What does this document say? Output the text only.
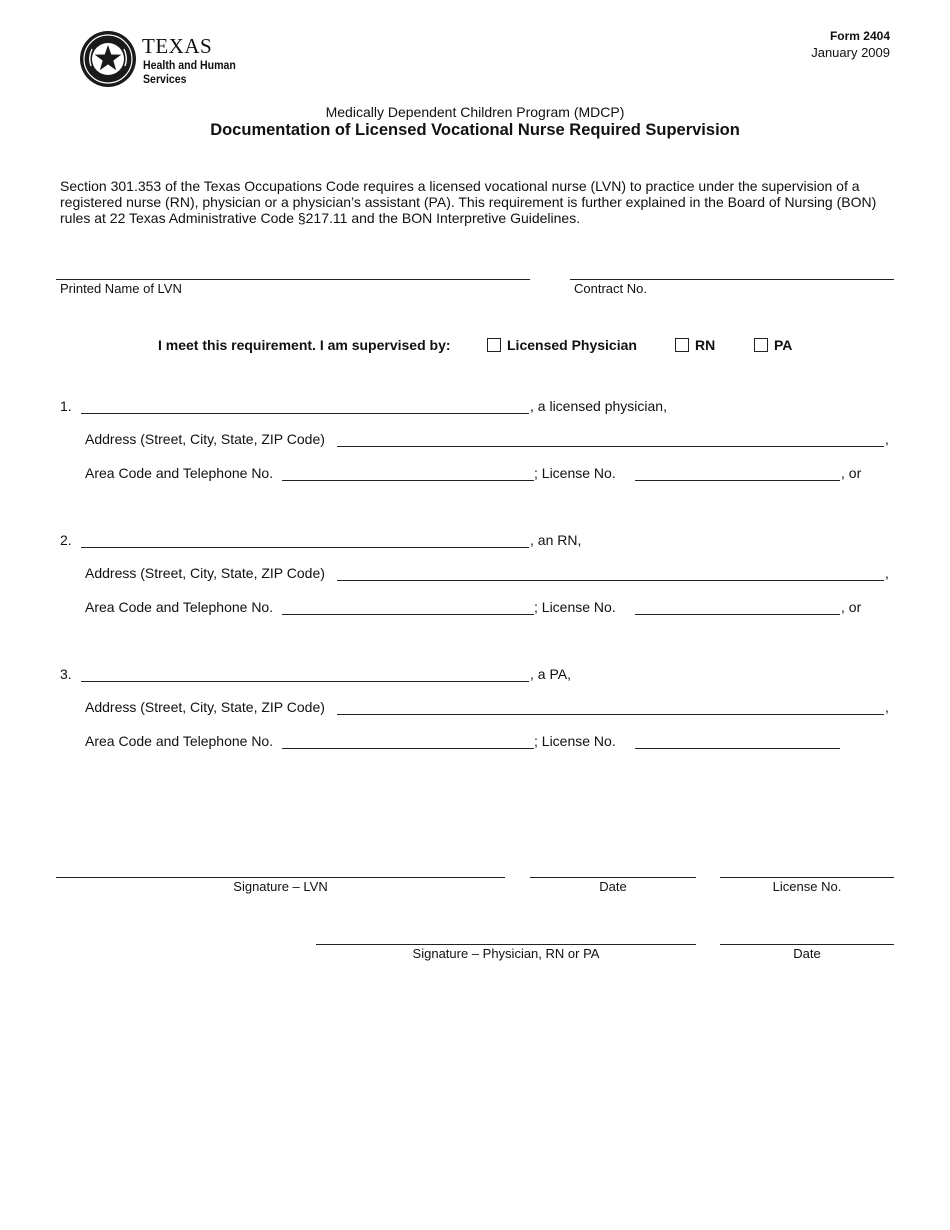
TEXAS
Health and Human
Services
Form 2404
January 2009
Medically Dependent Children Program (MDCP)
Documentation of Licensed Vocational Nurse Required Supervision
Section 301.353 of the Texas Occupations Code requires a licensed vocational nurse (LVN) to practice under the supervision of a registered nurse (RN), physician or a physician’s assistant (PA). This requirement is further explained in the Board of Nursing (BON) rules at 22 Texas Administrative Code §217.11 and the BON Interpretive Guidelines.
Printed Name of LVN	Contract No.
I meet this requirement. I am supervised by:	Licensed Physician	RN	PA
1.	, a licensed physician,
Address (Street, City, State, ZIP Code)	,
Area Code and Telephone No.	; License No.	, or
2.	, an RN,
Address (Street, City, State, ZIP Code)	,
Area Code and Telephone No.	; License No.	, or
3.	, a PA,
Address (Street, City, State, ZIP Code)	,
Area Code and Telephone No.	; License No.
Signature – LVN	Date	License No.
Signature – Physician, RN or PA	Date
